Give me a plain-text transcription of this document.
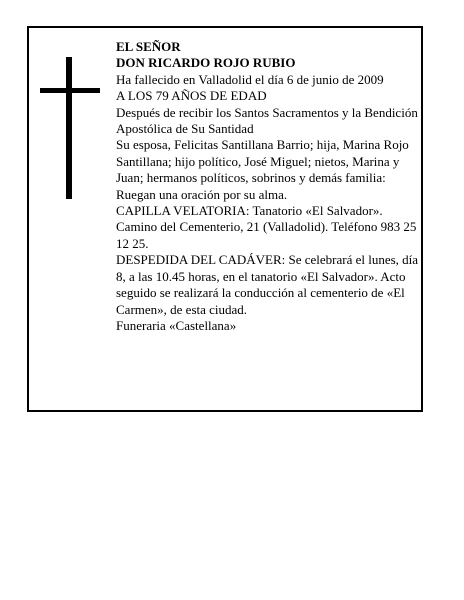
EL SEÑOR

DON RICARDO ROJO RUBIO

Ha fallecido en Valladolid el día 6 de junio de 2009

A LOS 79 AÑOS DE EDAD

Después de recibir los Santos Sacramentos y la Bendición Apostólica de Su Santidad

Su esposa, Felicitas Santillana Barrio; hija, Marina Rojo Santillana; hijo político, José Miguel; nietos, Marina y Juan; hermanos políticos, sobrinos y demás familia:

Ruegan una oración por su alma.

CAPILLA VELATORIA: Tanatorio «El Salvador». Camino del Cementerio, 21 (Valladolid). Teléfono 983 25 12 25.

DESPEDIDA DEL CADÁVER: Se celebrará el lunes, día 8, a las 10.45 horas, en el tanatorio «El Salvador». Acto seguido se realizará la conducción al cementerio de «El Carmen», de esta ciudad.

Funeraria «Castellana»
